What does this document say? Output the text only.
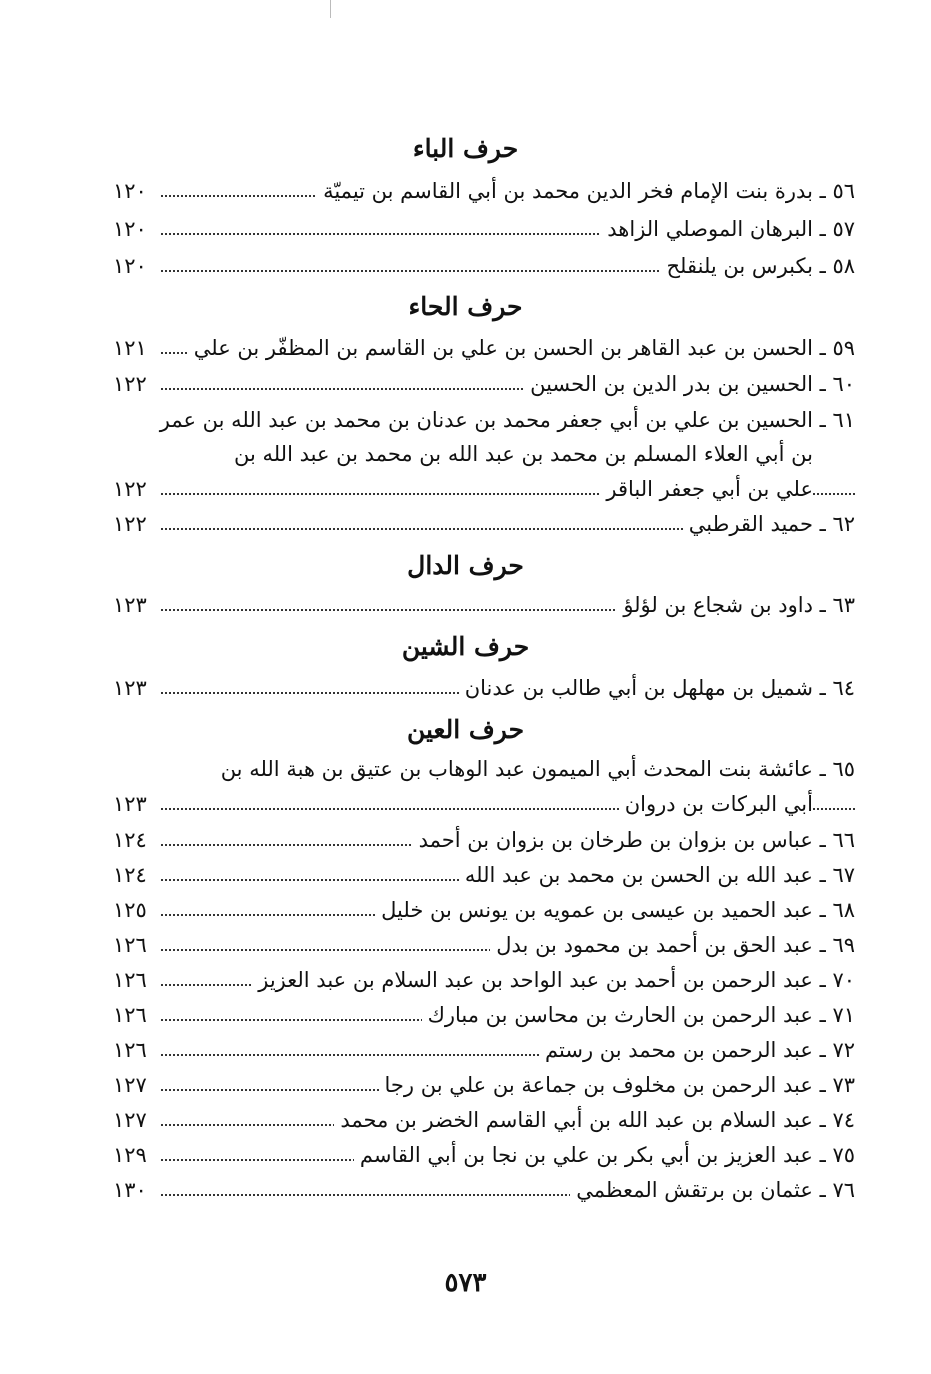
حرف الباء
٥٦ ـ بدرة بنت الإمام فخر الدين محمد بن أبي القاسم بن تيميّة
١٢٠
٥٧ ـ البرهان الموصلي الزاهد
١٢٠
٥٨ ـ بكبرس بن يلنقلح
١٢٠
حرف الحاء
٥٩ ـ الحسن بن عبد القاهر بن الحسن بن علي بن القاسم بن المظفّر بن علي
١٢١
٦٠ ـ الحسين بن بدر الدين بن الحسين
١٢٢
٦١ ـ الحسين بن علي بن أبي جعفر محمد بن عدنان بن محمد بن عبد الله بن عمر
بن أبي العلاء المسلم بن محمد بن عبد الله بن محمد بن عبد الله بن
علي بن أبي جعفر الباقر
١٢٢
٦٢ ـ حميد القرطبي
١٢٢
حرف الدال
٦٣ ـ داود بن شجاع بن لؤلؤ
١٢٣
حرف الشين
٦٤ ـ شميل بن مهلهل بن أبي طالب بن عدنان
١٢٣
حرف العين
٦٥ ـ عائشة بنت المحدث أبي الميمون عبد الوهاب بن عتيق بن هبة الله بن
أبي البركات بن دروان
١٢٣
٦٦ ـ عباس بن بزوان بن طرخان بن بزوان بن أحمد
١٢٤
٦٧ ـ عبد الله بن الحسن بن محمد بن عبد الله
١٢٤
٦٨ ـ عبد الحميد بن عيسى بن عمويه بن يونس بن خليل
١٢٥
٦٩ ـ عبد الحق بن أحمد بن محمود بن بدل
١٢٦
٧٠ ـ عبد الرحمن بن أحمد بن عبد الواحد بن عبد السلام بن عبد العزيز
١٢٦
٧١ ـ عبد الرحمن بن الحارث بن محاسن بن مبارك
١٢٦
٧٢ ـ عبد الرحمن بن محمد بن رستم
١٢٦
٧٣ ـ عبد الرحمن بن مخلوف بن جماعة بن علي بن رجا
١٢٧
٧٤ ـ عبد السلام بن عبد الله بن أبي القاسم الخضر بن محمد
١٢٧
٧٥ ـ عبد العزيز بن أبي بكر بن علي بن نجا بن أبي القاسم
١٢٩
٧٦ ـ عثمان بن برتقش المعظمي
١٣٠
٥٧٣
